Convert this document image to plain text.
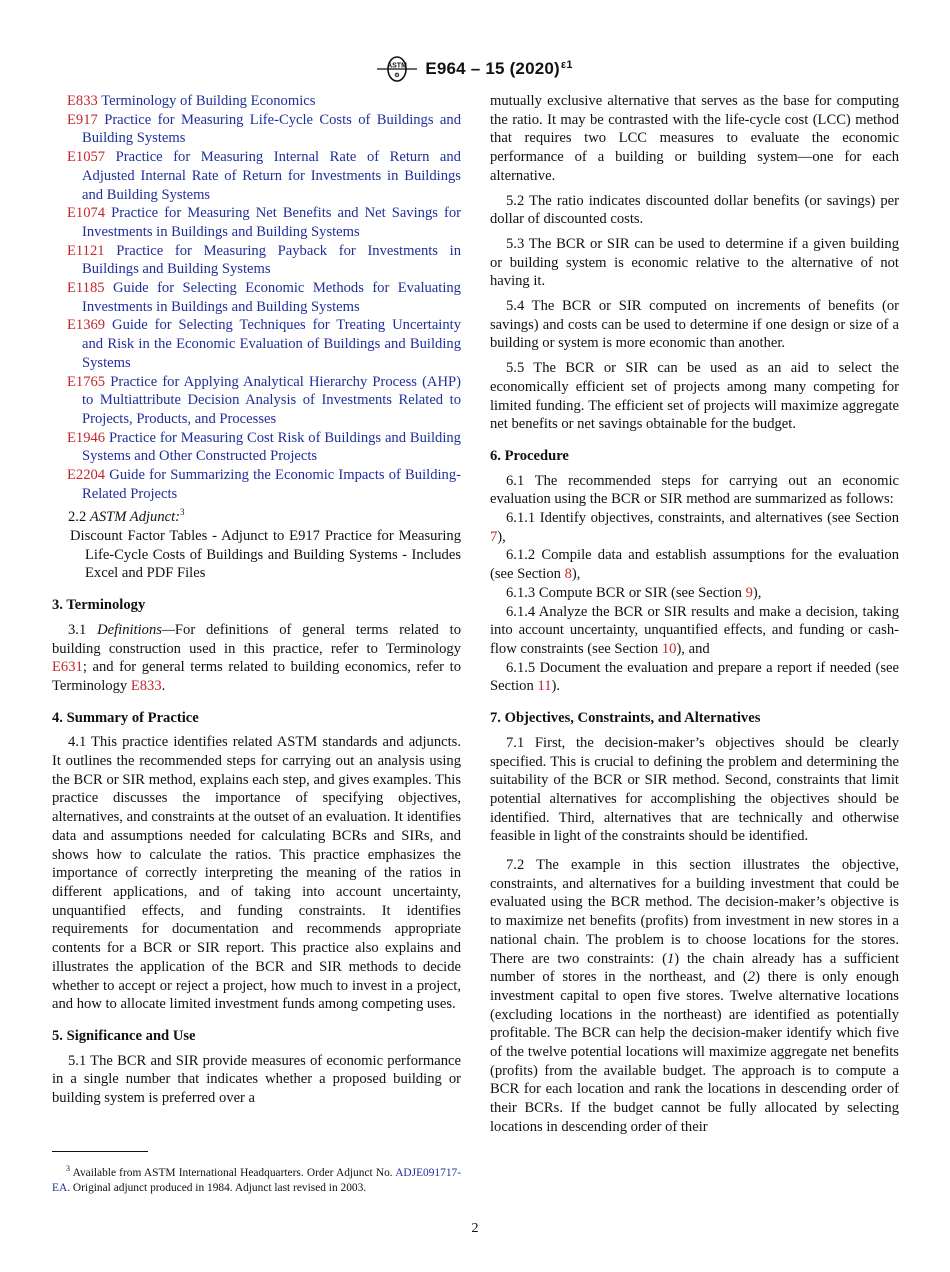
ASTM
⚙ E964 – 15 $(2020)^{\varepsilon 1}$

E833 Terminology of Building Economics

E917 Practice for Measuring Life-Cycle Costs of Buildings and Building Systems

E1057 Practice for Measuring Internal Rate of Return and Adjusted Internal Rate of Return for Investments in Buildings and Building Systems

E1074 Practice for Measuring Net Benefits and Net Savings for Investments in Buildings and Building Systems

E1121 Practice for Measuring Payback for Investments in Buildings and Building Systems

E1185 Guide for Selecting Economic Methods for Evaluating Investments in Buildings and Building Systems

E1369 Guide for Selecting Techniques for Treating Uncertainty and Risk in the Economic Evaluation of Buildings and Building Systems

E1765 Practice for Applying Analytical Hierarchy Process (AHP) to Multiattribute Decision Analysis of Investments Related to Projects, Products, and Processes

E1946 Practice for Measuring Cost Risk of Buildings and Building Systems and Other Constructed Projects

E2204 Guide for Summarizing the Economic Impacts of Building-Related Projects

2.2 ASTM Adjunct:$^3$

Discount Factor Tables - Adjunct to E917 Practice for Measuring Life-Cycle Costs of Buildings and Building Systems - Includes Excel and PDF Files

3. Terminology

3.1 Definitions—For definitions of general terms related to building construction used in this practice, refer to Terminology E631; and for general terms related to building economics, refer to Terminology E833.

4. Summary of Practice

4.1 This practice identifies related ASTM standards and adjuncts. It outlines the recommended steps for carrying out an analysis using the BCR or SIR method, explains each step, and gives examples. This practice discusses the importance of specifying objectives, alternatives, and constraints at the outset of an evaluation. It identifies data and assumptions needed for calculating BCRs and SIRs, and shows how to calculate the ratios. This practice emphasizes the importance of correctly interpreting the meaning of the ratios in different applications, and of taking into account uncertainty, unquantified effects, and funding constraints. It identifies requirements for documentation and recommends appropriate contents for a BCR or SIR report. This practice also explains and illustrates the application of the BCR and SIR methods to decide whether to accept or reject a project, how much to invest in a project, and how to allocate limited investment funds among competing uses.

5. Significance and Use

5.1 The BCR and SIR provide measures of economic performance in a single number that indicates whether a proposed building or building system is preferred over a

mutually exclusive alternative that serves as the base for computing the ratio. It may be contrasted with the life-cycle cost (LCC) method that requires two LCC measures to evaluate the economic performance of a building or building system—one for each alternative.

5.2 The ratio indicates discounted dollar benefits (or savings) per dollar of discounted costs.

5.3 The BCR or SIR can be used to determine if a given building or building system is economic relative to the alternative of not having it.

5.4 The BCR or SIR computed on increments of benefits (or savings) and costs can be used to determine if one design or size of a building or system is more economic than another.

5.5 The BCR or SIR can be used as an aid to select the economically efficient set of projects among many competing for limited funding. The efficient set of projects will maximize aggregate net benefits or net savings obtainable for the budget.

6. Procedure

6.1 The recommended steps for carrying out an economic evaluation using the BCR or SIR method are summarized as follows:

6.1.1 Identify objectives, constraints, and alternatives (see Section 7),

6.1.2 Compile data and establish assumptions for the evaluation (see Section 8),

6.1.3 Compute BCR or SIR (see Section 9),

6.1.4 Analyze the BCR or SIR results and make a decision, taking into account uncertainty, unquantified effects, and funding or cash-flow constraints (see Section 10), and

6.1.5 Document the evaluation and prepare a report if needed (see Section 11).

7. Objectives, Constraints, and Alternatives

7.1 First, the decision-maker’s objectives should be clearly specified. This is crucial to defining the problem and determining the suitability of the BCR or SIR method. Second, constraints that limit potential alternatives for accomplishing the objectives should be identified. Third, alternatives that are technically and otherwise feasible in light of the constraints should be identified.

7.2 The example in this section illustrates the objective, constraints, and alternatives for a building investment that could be evaluated using the BCR method. The decision-maker’s objective is to maximize net benefits (profits) from investment in new stores in a national chain. The problem is to choose locations for the stores. There are two constraints: (1) the chain already has a sufficient number of stores in the northeast, and (2) there is only enough investment capital to open five stores. Twelve alternative locations (excluding locations in the northeast) are identified as potentially profitable. The BCR can help the decision-maker identify which five of the twelve potential locations will maximize aggregate net benefits (profits) from the available budget. The approach is to compute a BCR for each location and rank the locations in descending order of their BCRs. If the budget cannot be fully allocated by selecting locations in descending order of their

$^3$ Available from ASTM International Headquarters. Order Adjunct No. ADJE091717-EA. Original adjunct produced in 1984. Adjunct last revised in 2003.

2
